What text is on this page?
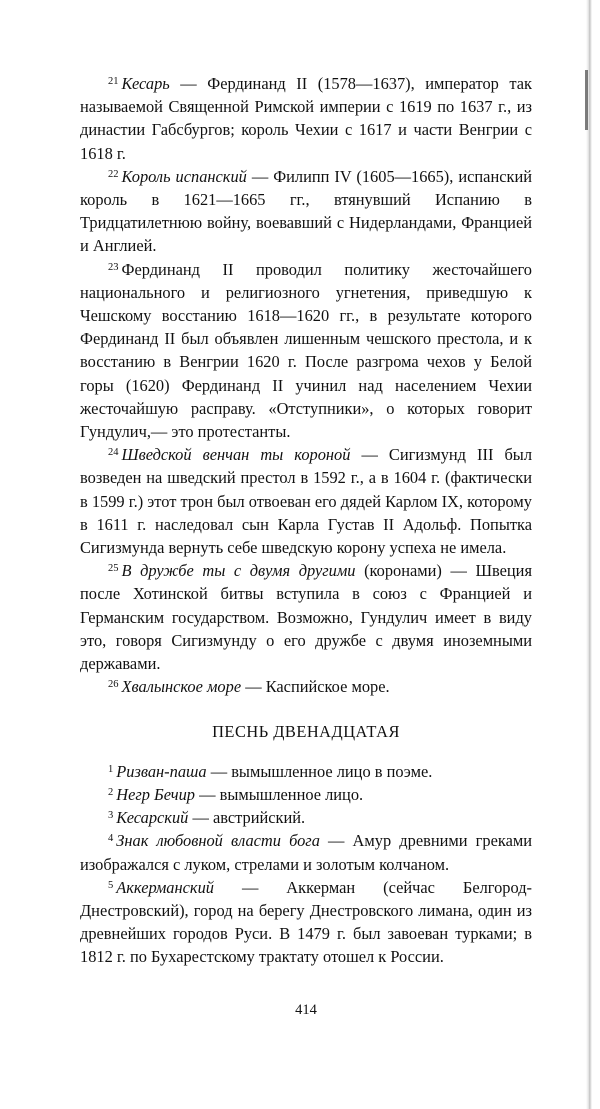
$^{21}$ Кесарь — Фердинанд II (1578—1637), император так называемой Священной Римской империи с 1619 по 1637 г., из династии Габсбургов; король Чехии с 1617 и части Венгрии с 1618 г.

$^{22}$ Король испанский — Филипп IV (1605—1665), испанский король в 1621—1665 гг., втянувший Испанию в Тридцатилетнюю войну, воевавший с Нидерландами, Францией и Англией.

$^{23}$ Фердинанд II проводил политику жесточайшего национального и религиозного угнетения, приведшую к Чешскому восстанию 1618—1620 гг., в результате которого Фердинанд II был объявлен лишенным чешского престола, и к восстанию в Венгрии 1620 г. После разгрома чехов у Белой горы (1620) Фердинанд II учинил над населением Чехии жесточайшую расправу. «Отступники», о которых говорит Гундулич,— это протестанты.

$^{24}$ Шведской венчан ты короной — Сигизмунд III был возведен на шведский престол в 1592 г., а в 1604 г. (фактически в 1599 г.) этот трон был отвоеван его дядей Карлом IX, которому в 1611 г. наследовал сын Карла Густав II Адольф. Попытка Сигизмунда вернуть себе шведскую корону успеха не имела.

$^{25}$ В дружбе ты с двумя другими (коронами) — Швеция после Хотинской битвы вступила в союз с Францией и Германским государством. Возможно, Гундулич имеет в виду это, говоря Сигизмунду о его дружбе с двумя иноземными державами.

$^{26}$ Хвалынское море — Каспийское море.

ПЕСНЬ ДВЕНАДЦАТАЯ

$^1$ Ризван-паша — вымышленное лицо в поэме.

$^2$ Негр Бечир — вымышленное лицо.

$^3$ Кесарский — австрийский.

$^4$ Знак любовной власти бога — Амур древними греками изображался с луком, стрелами и золотым колчаном.

$^5$ Аккерманский — Аккерман (сейчас Белгород-Днестровский), город на берегу Днестровского лимана, один из древнейших городов Руси. В 1479 г. был завоеван турками; в 1812 г. по Бухарестскому трактату отошел к России.

414
